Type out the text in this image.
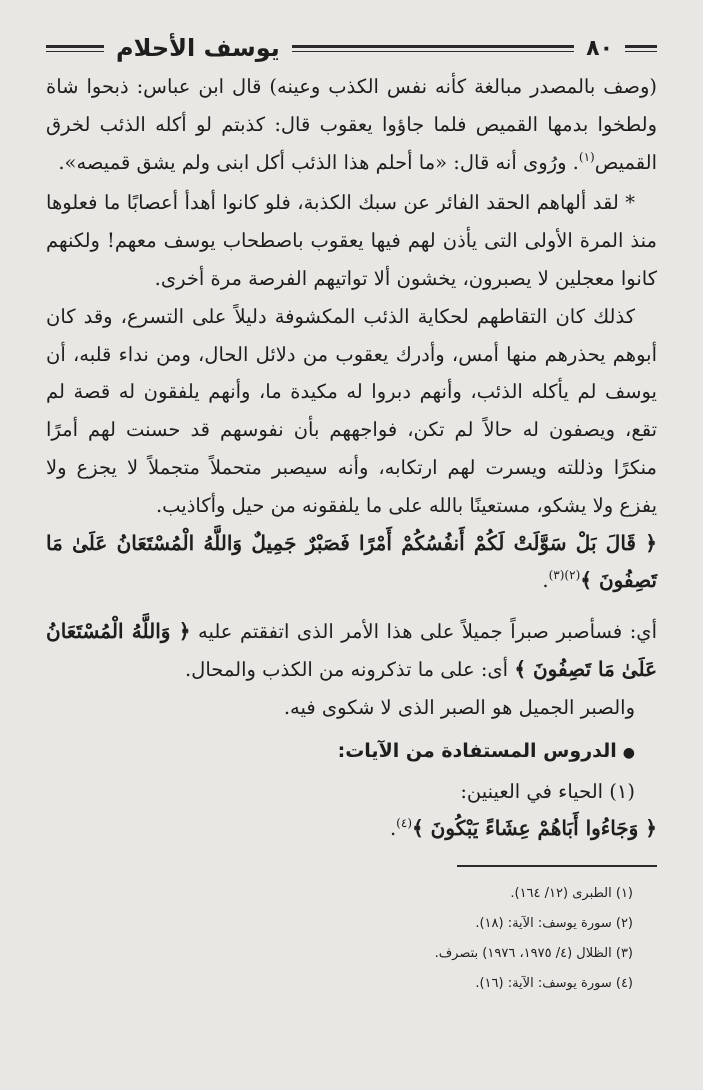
يوسف الأحلام	٨٠

(وصف بالمصدر مبالغة كأنه نفس الكذب وعينه) قال ابن عباس: ذبحوا شاة ولطخوا بدمها القميص فلما جاؤوا يعقوب قال: كذبتم لو أكله الذئب لخرق القميص$^{(١)}$. ورُوى أنه قال: «ما أحلم هذا الذئب أكل ابنى ولم يشق قميصه».

* لقد ألهاهم الحقد الفائر عن سبك الكذبة، فلو كانوا أهدأ أعصابًا ما فعلوها منذ المرة الأولى التى يأذن لهم فيها يعقوب باصطحاب يوسف معهم! ولكنهم كانوا معجلين لا يصبرون، يخشون ألا تواتيهم الفرصة مرة أخرى.

كذلك كان التقاطهم لحكاية الذئب المكشوفة دليلاً على التسرع، وقد كان أبوهم يحذرهم منها أمس، وأدرك يعقوب من دلائل الحال، ومن نداء قلبه، أن يوسف لم يأكله الذئب، وأنهم دبروا له مكيدة ما، وأنهم يلفقون له قصة لم تقع، ويصفون له حالاً لم تكن، فواجههم بأن نفوسهم قد حسنت لهم أمرًا منكرًا وذللته ويسرت لهم ارتكابه، وأنه سيصبر متحملاً متجملاً لا يجزع ولا يفزع ولا يشكو، مستعينًا بالله على ما يلفقونه من حيل وأكاذيب.

﴿ قَالَ بَلْ سَوَّلَتْ لَكُمْ أَنفُسُكُمْ أَمْرًا فَصَبْرٌ جَمِيلٌ وَاللَّهُ الْمُسْتَعَانُ عَلَىٰ مَا تَصِفُونَ ﴾$^{(٢)(٣)}$.

أي: فسأصبر صبراً جميلاً على هذا الأمر الذى اتفقتم عليه ﴿ وَاللَّهُ الْمُسْتَعَانُ عَلَىٰ مَا تَصِفُونَ ﴾ أى: على ما تذكرونه من الكذب والمحال.

والصبر الجميل هو الصبر الذى لا شكوى فيه.

●الدروس المستفادة من الآيات:

(١) الحياء في العينين:

﴿ وَجَاءُوا أَبَاهُمْ عِشَاءً يَبْكُونَ ﴾$^{(٤)}$.

(١) الطبرى (١٢/ ١٦٤).
(٢) سورة يوسف: الآية: (١٨).
(٣) الظلال (٤/ ١٩٧٥، ١٩٧٦) بتصرف.
(٤) سورة يوسف: الآية: (١٦).
